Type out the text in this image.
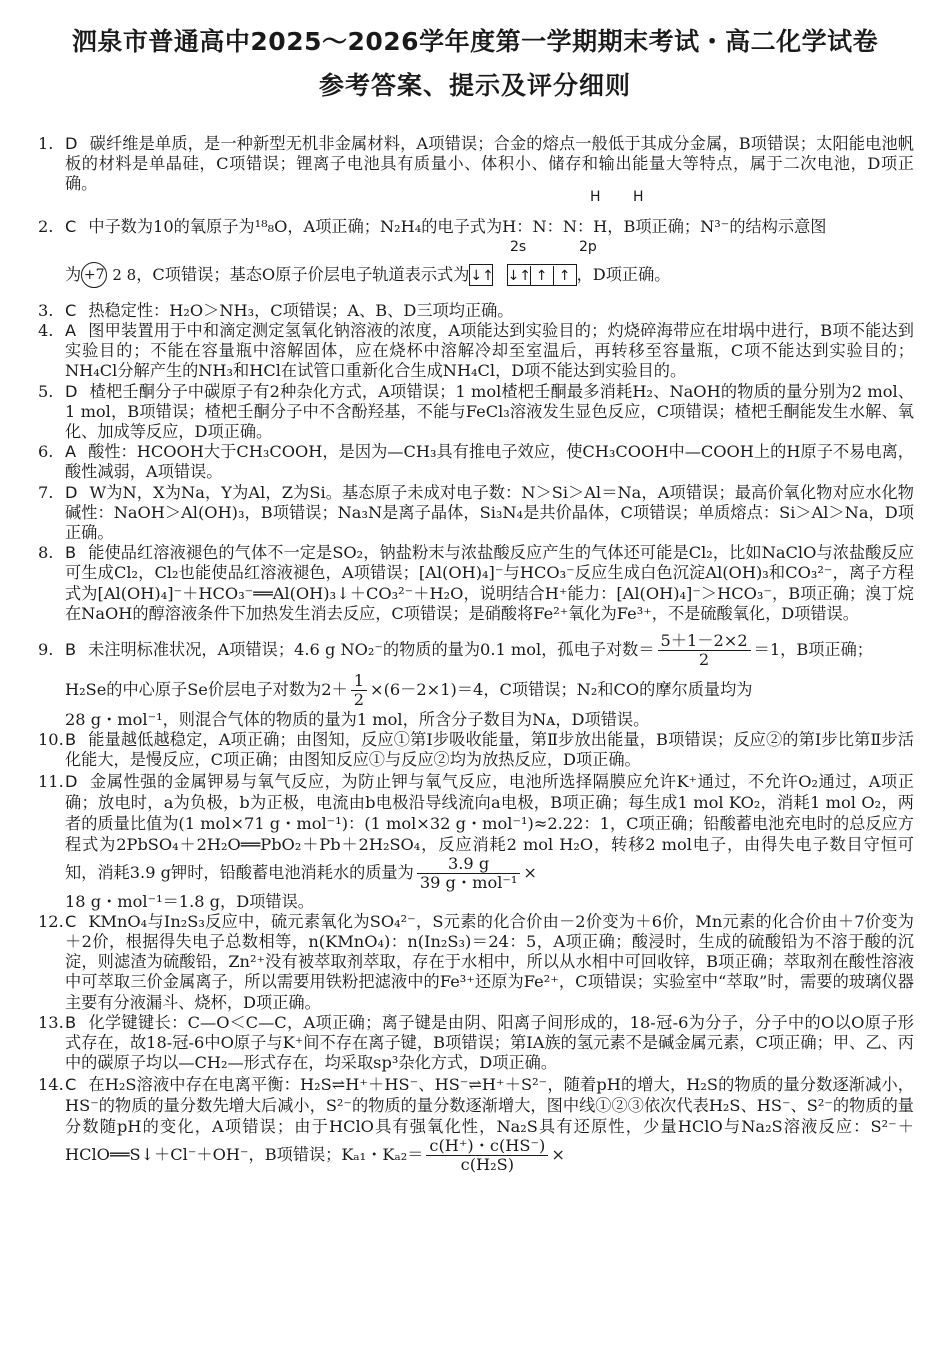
泗泉市普通高中2025～2026学年度第一学期期末考试・高二化学试卷
参考答案、提示及评分细则

1. D 碳纤维是单质，是一种新型无机非金属材料，A项错误；合金的熔点一般低于其成分金属，B项错误；太阳能电池帆板的材料是单晶硅，C项错误；锂离子电池具有质量小、体积小、储存和输出能量大等特点，属于二次电池，D项正确。

H H

2. C 中子数为10的氧原子为¹⁸₈O，A项正确；N₂H₄的电子式为H：N：N：H，B项正确；N³⁻的结构示意图

2s	2p
为 +7 2 8，C项错误；基态O原子价层电子轨道表示式为↓↑ ↓↑ ↑ ↑ ，D项正确。

3. C 热稳定性：H₂O＞NH₃，C项错误；A、B、D三项均正确。

4. A 图甲装置用于中和滴定测定氢氧化钠溶液的浓度，A项能达到实验目的；灼烧碎海带应在坩埚中进行，B项不能达到实验目的；不能在容量瓶中溶解固体，应在烧杯中溶解冷却至室温后，再转移至容量瓶，C项不能达到实验目的；NH₄Cl分解产生的NH₃和HCl在试管口重新化合生成NH₄Cl，D项不能达到实验目的。

5. D 楂杷壬酮分子中碳原子有2种杂化方式，A项错误；1 mol楂杷壬酮最多消耗H₂、NaOH的物质的量分别为2 mol、1 mol，B项错误；楂杷壬酮分子中不含酚羟基，不能与FeCl₃溶液发生显色反应，C项错误；楂杷壬酮能发生水解、氧化、加成等反应，D项正确。

6. A 酸性：HCOOH大于CH₃COOH，是因为—CH₃具有推电子效应，使CH₃COOH中—COOH上的H原子不易电离，酸性减弱，A项错误。

7. D W为N，X为Na，Y为Al，Z为Si。基态原子未成对电子数：N＞Si＞Al＝Na，A项错误；最高价氧化物对应水化物碱性：NaOH＞Al(OH)₃，B项错误；Na₃N是离子晶体，Si₃N₄是共价晶体，C项错误；单质熔点：Si＞Al＞Na，D项正确。

8. B 能使品红溶液褪色的气体不一定是SO₂，钠盐粉末与浓盐酸反应产生的气体还可能是Cl₂，比如NaClO与浓盐酸反应可生成Cl₂，Cl₂也能使品红溶液褪色，A项错误；[Al(OH)₄]⁻与HCO₃⁻反应生成白色沉淀Al(OH)₃和CO₃²⁻，离子方程式为[Al(OH)₄]⁻＋HCO₃⁻══Al(OH)₃↓＋CO₃²⁻＋H₂O，说明结合H⁺能力：[Al(OH)₄]⁻＞HCO₃⁻，B项正确；溴丁烷在NaOH的醇溶液条件下加热发生消去反应，C项错误；是硝酸将Fe²⁺氧化为Fe³⁺，不是硫酸氧化，D项错误。

9. B 未注明标准状况，A项错误；4.6 g NO₂⁻的物质的量为0.1 mol，孤电子对数＝ $\frac{5+1-2\times 2}{2} =1$，B项正确；

H₂Se的中心原子Se价层电子对数为$2+ \frac{1}{2} \times(6-2\times 1)=4$，C项错误；N₂和CO的摩尔质量均为

28 g・mol⁻¹，则混合气体的物质的量为1 mol，所含分子数目为Nᴀ，D项错误。

10. B 能量越低越稳定，A项正确；由图知，反应①第Ⅰ步吸收能量，第Ⅱ步放出能量，B项错误；反应②的第Ⅰ步比第Ⅱ步活化能大，是慢反应，C项正确；由图知反应①与反应②均为放热反应，D项正确。

11. D 金属性强的金属钾易与氧气反应，为防止钾与氧气反应，电池所选择隔膜应允许K⁺通过，不允许O₂通过，A项正确；放电时，a为负极，b为正极，电流由b电极沿导线流向a电极，B项正确；每生成1 mol KO₂，消耗1 mol O₂，两者的质量比值为(1 mol×71 g・mol⁻¹)：(1 mol×32 g・mol⁻¹)≈2.22：1，C项正确；铅酸蓄电池充电时的总反应方程式为2PbSO₄＋2H₂O══PbO₂＋Pb＋2H₂SO₄，反应消耗2 mol H₂O，转移2 mol电子，由得失电子数目守恒可知，消耗3.9 g钾时，铅酸蓄电池消耗水的质量为 $\frac{3.9 g}{\text{39 g・mol⁻¹}}$ ×

18 g・mol⁻¹＝1.8 g，D项错误。

12. C KMnO₄与In₂S₃反应中，硫元素氧化为SO₄²⁻，S元素的化合价由－2价变为＋6价，Mn元素的化合价由＋7价变为＋2价，根据得失电子总数相等，n(KMnO₄)：n(In₂S₃)＝24：5，A项正确；酸浸时，生成的硫酸铅为不溶于酸的沉淀，则滤渣为硫酸铅，Zn²⁺没有被萃取剂萃取，存在于水相中，所以从水相中可回收锌，B项正确；萃取剂在酸性溶液中可萃取三价金属离子，所以需要用铁粉把滤液中的Fe³⁺还原为Fe²⁺，C项错误；实验室中“萃取”时，需要的玻璃仪器主要有分液漏斗、烧杯，D项正确。

13. B 化学键键长：C—O＜C—C，A项正确；离子键是由阴、阳离子间形成的，18-冠-6为分子，分子中的O以O原子形式存在，故18-冠-6中O原子与K⁺间不存在离子键，B项错误；第ⅠA族的氢元素不是碱金属元素，C项正确；甲、乙、丙中的碳原子均以—CH₂—形式存在，均采取sp³杂化方式，D项正确。

14. C 在H₂S溶液中存在电离平衡：H₂S⇌H⁺＋HS⁻、HS⁻⇌H⁺＋S²⁻，随着pH的增大，H₂S的物质的量分数逐渐减小，HS⁻的物质的量分数先增大后减小，S²⁻的物质的量分数逐渐增大，图中线①②③依次代表H₂S、HS⁻、S²⁻的物质的量分数随pH的变化，A项错误；由于HClO具有强氧化性，Na₂S具有还原性，少量HClO与Na₂S溶液反应：S²⁻＋HClO══S↓＋Cl⁻＋OH⁻，B项错误；Kₐ₁・$K_{a2}= \frac{c(H^+)・c(HS^-)}{\text{c(H₂S)}}$ ×
